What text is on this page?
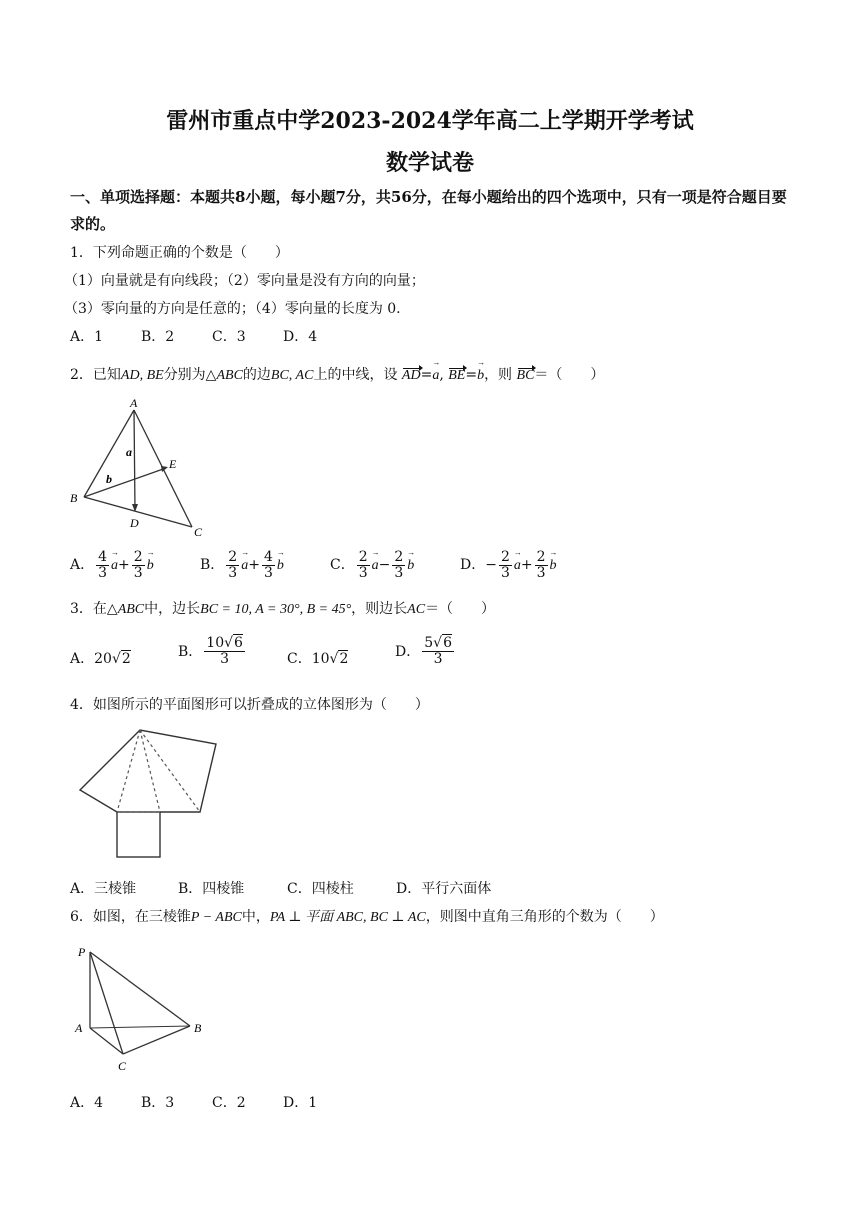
雷州市重点中学2023-2024学年高二上学期开学考试
数学试卷
一、单项选择题：本题共8小题，每小题7分，共56分，在每小题给出的四个选项中，只有一项是符合题目要求的。
1．下列命题正确的个数是（　　）
（1）向量就是有向线段；（2）零向量是没有方向的向量；
（3）零向量的方向是任意的；（4）零向量的长度为 0.
A．1	B．2	C．3	D．4
2．已知AD, BE分别为△ABC的边BC, AC上的中线，设 AD=a →, BE=b →，则 BC＝（　　）
A
B
C
D
E
a
b
A． $\frac{4}{3}$ $a \to+ \frac{2}{3}$ b →	B． $\frac{2}{3}$ $a \to+ \frac{4}{3}$ b →	C． $\frac{2}{3}$ $a \to- \frac{2}{3}$ b →	D．− $\frac{2}{3}$ $a \to+ \frac{2}{3}$ b →
3．在△ABC中，边长BC = 10, A = 30°, B = 45°，则边长AC＝（　　）
A．20√2	B． $\frac{10√6}{3}$	C．10√2	D． $\frac{5√6}{3}$
4．如图所示的平面图形可以折叠成的立体图形为（　　）
A．三棱锥	B．四棱锥	C．四棱柱	D．平行六面体
6．如图，在三棱锥P − ABC中，PA ⊥ 平面 ABC, BC ⊥ AC，则图中直角三角形的个数为（　　）
P
A	B
C
A．4	B．3	C．2	D．1
